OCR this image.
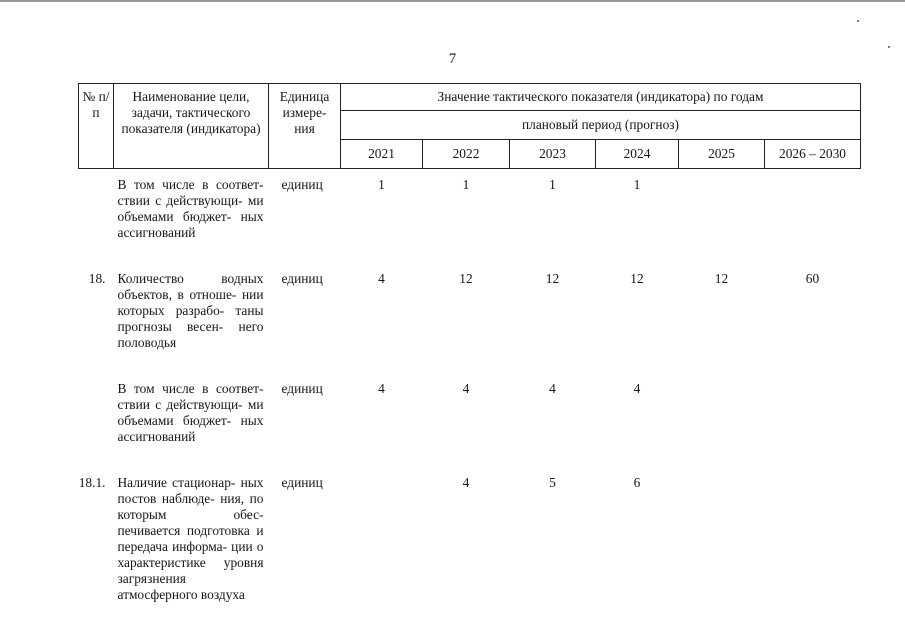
7
№ п/п	Наименование цели, задачи, тактического показателя (индикатора)	Единица измере- ния	Значение тактического показателя (индикатора) по годам					
			плановый период (прогноз)					
			2021	2022	2023	2024	2025	2026 – 2030
	В том числе в соответ- ствии с действующи- ми объемами бюджет- ных ассигнований	единиц	1	1	1	1		
18.	Количество водных объектов, в отноше- нии которых разрабо- таны прогнозы весен- него половодья	единиц	4	12	12	12	12	60
	В том числе в соответ- ствии с действующи- ми объемами бюджет- ных ассигнований	единиц	4	4	4	4		
18.1.	Наличие стационар- ных постов наблюде- ния, по которым обес- печивается подготовка и передача информа- ции о характеристике уровня загрязнения атмосферного воздуха	единиц		4	5	6		
